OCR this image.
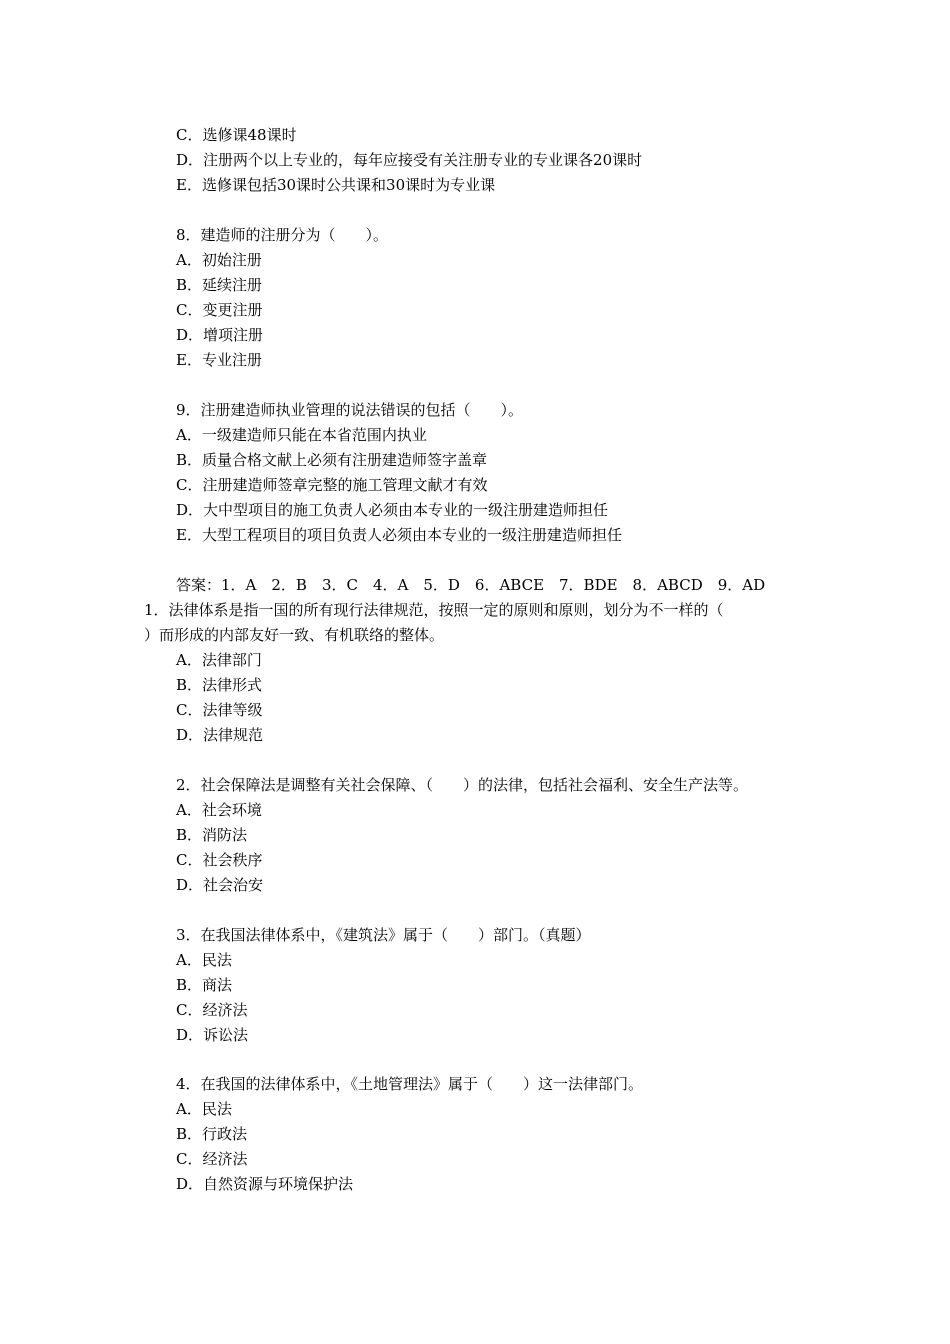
C．选修课48课时
D．注册两个以上专业的，每年应接受有关注册专业的专业课各20课时
E．选修课包括30课时公共课和30课时为专业课
8．建造师的注册分为（　　）。
A．初始注册
B．延续注册
C．变更注册
D．增项注册
E．专业注册
9．注册建造师执业管理的说法错误的包括（　　）。
A．一级建造师只能在本省范围内执业
B．质量合格文献上必须有注册建造师签字盖章
C．注册建造师签章完整的施工管理文献才有效
D．大中型项目的施工负责人必须由本专业的一级注册建造师担任
E．大型工程项目的项目负责人必须由本专业的一级注册建造师担任
答案：1．A　2．B　3．C　4．A　5．D　6．ABCE　7．BDE　8．ABCD　9．AD
1．法律体系是指一国的所有现行法律规范，按照一定的原则和原则，划分为不一样的（
）而形成的内部友好一致、有机联络的整体。
A．法律部门
B．法律形式
C．法律等级
D．法律规范
2．社会保障法是调整有关社会保障、（　　）的法律，包括社会福利、安全生产法等。
A．社会环境
B．消防法
C．社会秩序
D．社会治安
3．在我国法律体系中，《建筑法》属于（　　）部门。（真题）
A．民法
B．商法
C．经济法
D．诉讼法
4．在我国的法律体系中，《土地管理法》属于（　　）这一法律部门。
A．民法
B．行政法
C．经济法
D．自然资源与环境保护法
